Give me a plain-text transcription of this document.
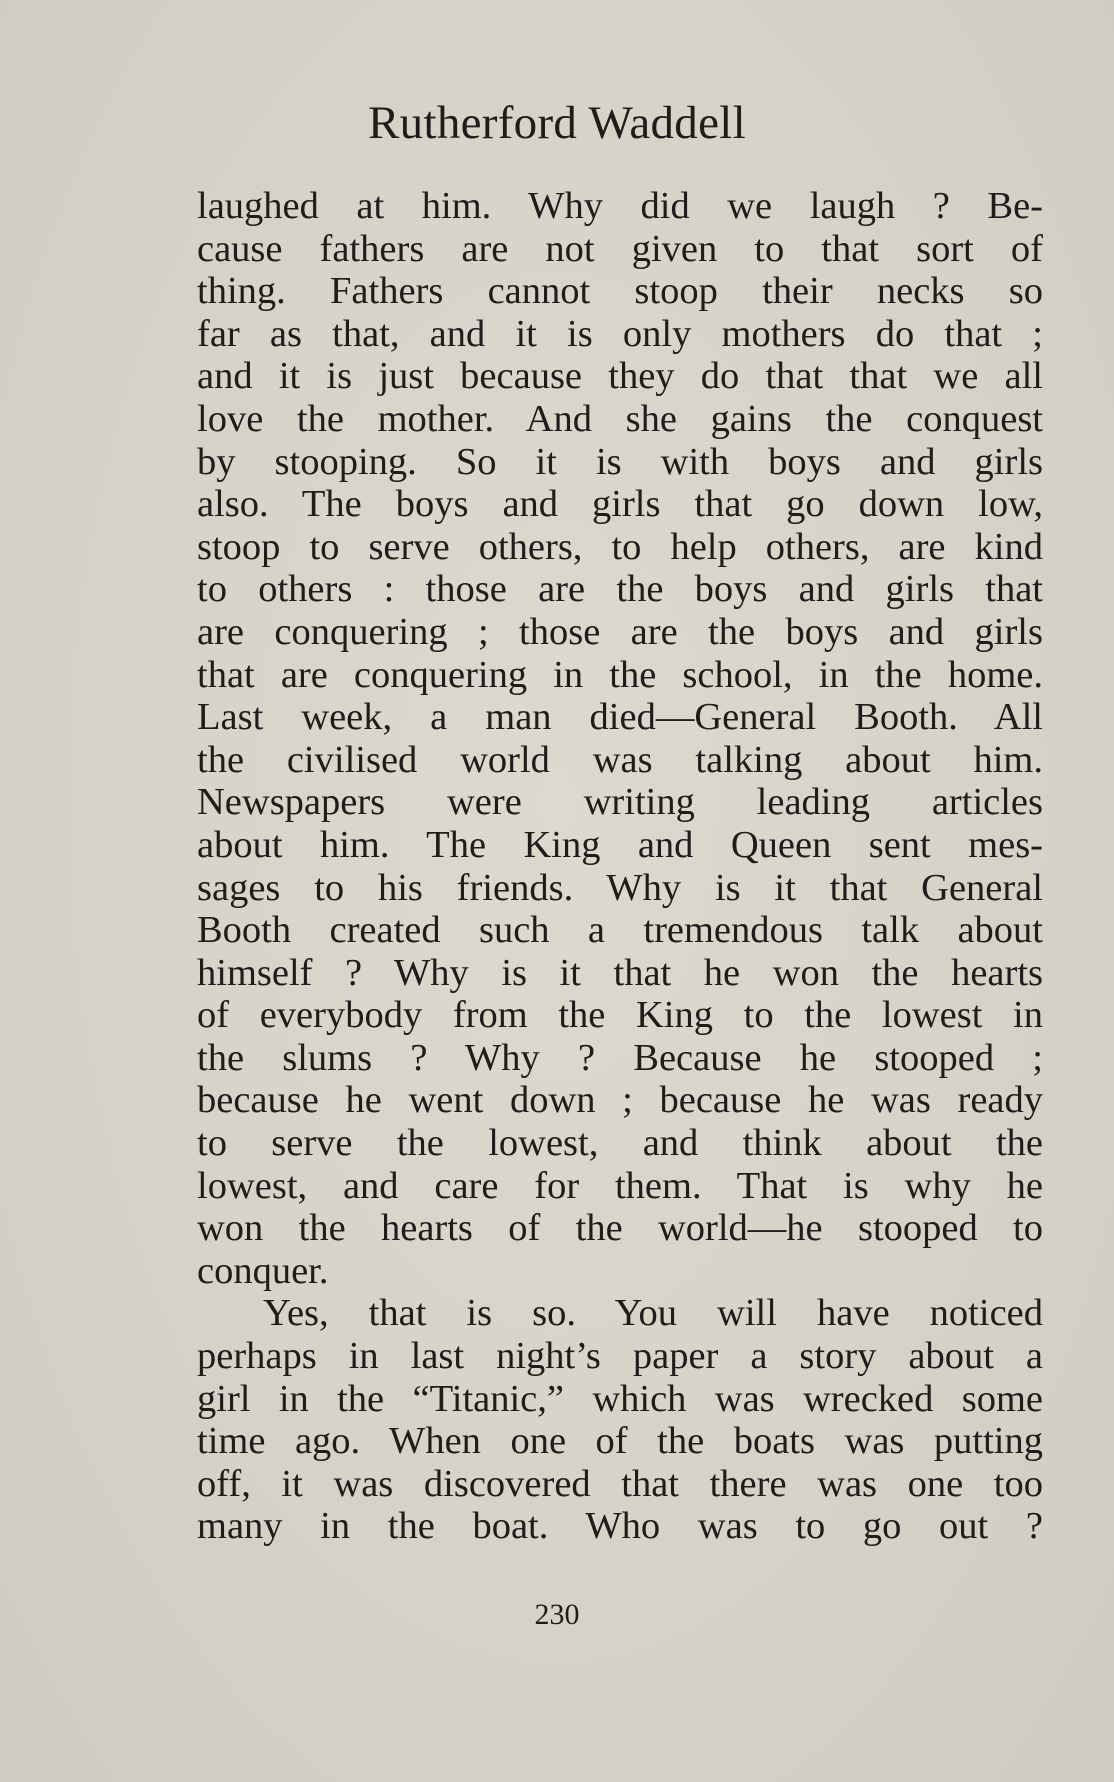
Rutherford Waddell
laughed at him. Why did we laugh ? Be-
cause fathers are not given to that sort of
thing. Fathers cannot stoop their necks so
far as that, and it is only mothers do that ;
and it is just because they do that that we all
love the mother. And she gains the conquest
by stooping. So it is with boys and girls
also. The boys and girls that go down low,
stoop to serve others, to help others, are kind
to others : those are the boys and girls that
are conquering ; those are the boys and girls
that are conquering in the school, in the home.
Last week, a man died—General Booth. All
the civilised world was talking about him.
Newspapers were writing leading articles
about him. The King and Queen sent mes-
sages to his friends. Why is it that General
Booth created such a tremendous talk about
himself ? Why is it that he won the hearts
of everybody from the King to the lowest in
the slums ? Why ? Because he stooped ;
because he went down ; because he was ready
to serve the lowest, and think about the
lowest, and care for them. That is why he
won the hearts of the world—he stooped to
conquer.
Yes, that is so. You will have noticed
perhaps in last night’s paper a story about a
girl in the “Titanic,” which was wrecked some
time ago. When one of the boats was putting
off, it was discovered that there was one too
many in the boat. Who was to go out ?
230
